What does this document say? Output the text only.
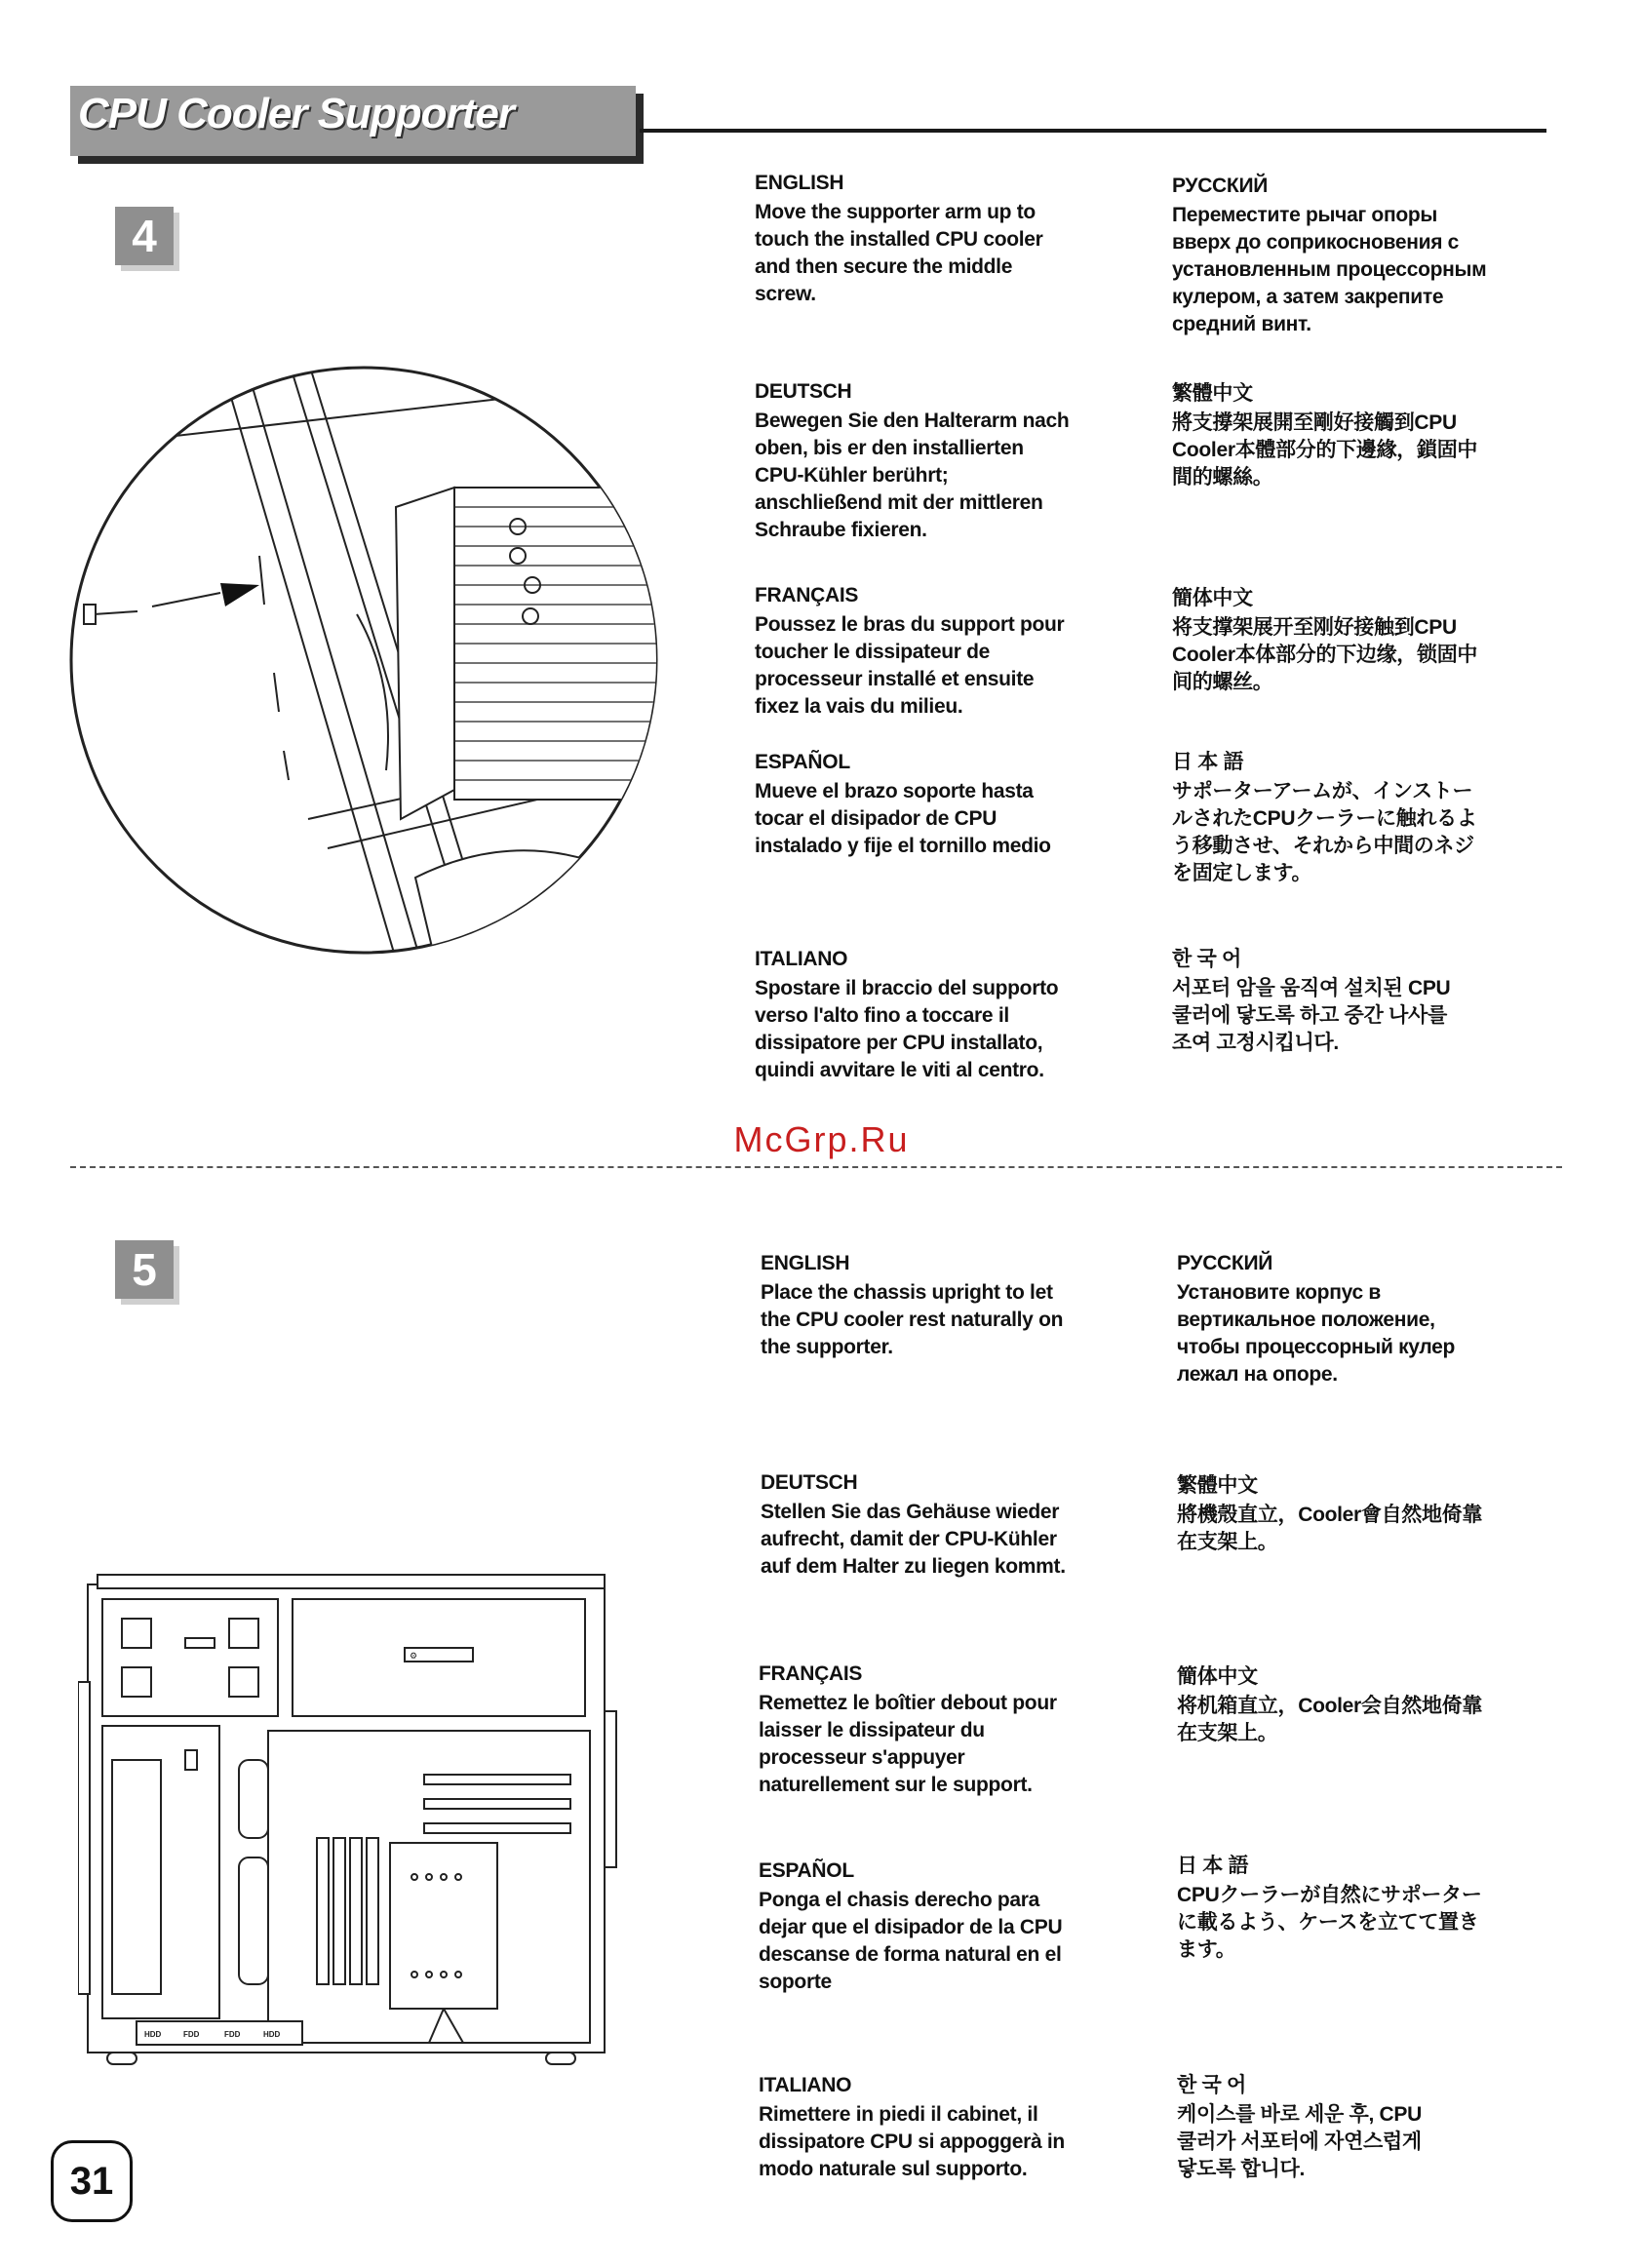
CPU Cooler Supporter
4
ENGLISH
Move the supporter arm up to
touch the installed CPU cooler
and then secure the middle
screw.
DEUTSCH
Bewegen Sie den Halterarm nach
oben, bis er den installierten
CPU-Kühler berührt;
anschließend mit der mittleren
Schraube fixieren.
FRANÇAIS
Poussez le bras du support pour
toucher le dissipateur de
processeur installé et ensuite
fixez la vais du milieu.
ESPAÑOL
Mueve el brazo soporte hasta
tocar el disipador de CPU
instalado y fije el tornillo medio
ITALIANO
Spostare il braccio del supporto
verso l'alto fino a toccare il
dissipatore per CPU installato,
quindi avvitare le viti al centro.
РУССКИЙ
Переместите рычаг опоры
вверх до соприкосновения с
установленным процессорным
кулером, а затем закрепите
средний винт.
繁體中文
將支撐架展開至剛好接觸到CPU
Cooler本體部分的下邊緣，鎖固中
間的螺絲。
簡体中文
将支撑架展开至刚好接触到CPU
Cooler本体部分的下边缘，锁固中
间的螺丝。
日 本 語
サポーターアームが、インストー
ルされたCPUクーラーに触れるよ
う移動させ、それから中間のネジ
を固定します。
한 국 어
서포터 암을 움직여 설치된 CPU
쿨러에 닿도록 하고 중간 나사를
조여 고정시킵니다.
McGrp.Ru
5
⚙
HDD	FDD	FDD	HDD
ENGLISH
Place the chassis upright to let
the CPU cooler rest naturally on
the supporter.
DEUTSCH
Stellen Sie das Gehäuse wieder
aufrecht, damit der CPU-Kühler
auf dem Halter zu liegen kommt.
FRANÇAIS
Remettez le boîtier debout pour
laisser le dissipateur du
processeur s'appuyer
naturellement sur le support.
ESPAÑOL
Ponga el chasis derecho para
dejar que el disipador de la CPU
descanse de forma natural en el
soporte
ITALIANO
Rimettere in piedi il cabinet, il
dissipatore CPU si appoggerà in
modo naturale sul supporto.
РУССКИЙ
Установите корпус в
вертикальное положение,
чтобы процессорный кулер
лежал на опоре.
繁體中文
將機殼直立，Cooler會自然地倚靠
在支架上。
簡体中文
将机箱直立，Cooler会自然地倚靠
在支架上。
日 本 語
CPUクーラーが自然にサポーター
に載るよう、ケースを立てて置き
ます。
한 국 어
케이스를 바로 세운 후, CPU
쿨러가 서포터에 자연스럽게
닿도록 합니다.
31
